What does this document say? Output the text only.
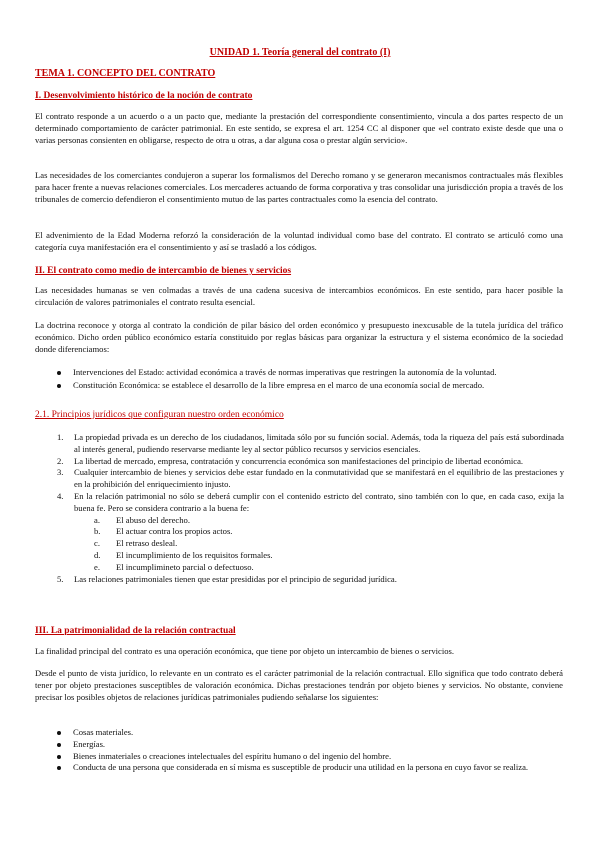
UNIDAD 1. Teoría general del contrato (I)
TEMA 1. CONCEPTO DEL CONTRATO
I. Desenvolvimiento histórico de la noción de contrato

El contrato responde a un acuerdo o a un pacto que, mediante la prestación del correspondiente consentimiento, vincula a dos partes respecto de un determinado comportamiento de carácter patrimonial. En este sentido, se expresa el art. 1254 CC al disponer que «el contrato existe desde que una o varias personas consienten en obligarse, respecto de otra u otras, a dar alguna cosa o prestar algún servicio».

Las necesidades de los comerciantes condujeron a superar los formalismos del Derecho romano y se generaron mecanismos contractuales más flexibles para hacer frente a nuevas relaciones comerciales. Los mercaderes actuando de forma corporativa y tras consolidar una jurisdicción propia a través de los tribunales de comercio defendieron el consentimiento mutuo de las partes contractuales como la esencia del contrato.

El advenimiento de la Edad Moderna reforzó la consideración de la voluntad individual como base del contrato. El contrato se articuló como una categoría cuya manifestación era el consentimiento y así se trasladó a los códigos.

II. El contrato como medio de intercambio de bienes y servicios

Las necesidades humanas se ven colmadas a través de una cadena sucesiva de intercambios económicos. En este sentido, para hacer posible la circulación de valores patrimoniales el contrato resulta esencial.

La doctrina reconoce y otorga al contrato la condición de pilar básico del orden económico y presupuesto inexcusable de la tutela jurídica del tráfico económico. Dicho orden público económico estaría constituido por reglas básicas para organizar la estructura y el sistema económico de la sociedad donde diferenciamos:

Intervenciones del Estado: actividad económica a través de normas imperativas que restringen la autonomía de la voluntad.
Constitución Económica: se establece el desarrollo de la libre empresa en el marco de una economía social de mercado.
2.1. Principios jurídicos que configuran nuestro orden económico
1. La propiedad privada es un derecho de los ciudadanos, limitada sólo por su función social. Además, toda la riqueza del país está subordinada al interés general, pudiendo reservarse mediante ley al sector público recursos y servicios esenciales.
2. La libertad de mercado, empresa, contratación y concurrencia económica son manifestaciones del principio de libertad económica.
3. Cualquier intercambio de bienes y servicios debe estar fundado en la conmutatividad que se manifestará en el equilibrio de las prestaciones y en la prohibición del enriquecimiento injusto.
4. En la relación patrimonial no sólo se deberá cumplir con el contenido estricto del contrato, sino también con lo que, en cada caso, exija la buena fe. Pero se considera contrario a la buena fe:
a. El abuso del derecho.
b. El actuar contra los propios actos.
c. El retraso desleal.
d. El incumplimiento de los requisitos formales.
e. El incumplimineto parcial o defectuoso.
5. Las relaciones patrimoniales tienen que estar presididas por el principio de seguridad jurídica.
III. La patrimonialidad de la relación contractual

La finalidad principal del contrato es una operación económica, que tiene por objeto un intercambio de bienes o servicios.

Desde el punto de vista jurídico, lo relevante en un contrato es el carácter patrimonial de la relación contractual. Ello significa que todo contrato deberá tener por objeto prestaciones susceptibles de valoración económica. Dichas prestaciones tendrán por objeto bienes y servicios. No obstante, conviene precisar los posibles objetos de relaciones jurídicas patrimoniales pudiendo señalarse los siguientes:

Cosas materiales.
Energías.
Bienes inmateriales o creaciones intelectuales del espíritu humano o del ingenio del hombre.
Conducta de una persona que considerada en sí misma es susceptible de producir una utilidad en la persona en cuyo favor se realiza.
